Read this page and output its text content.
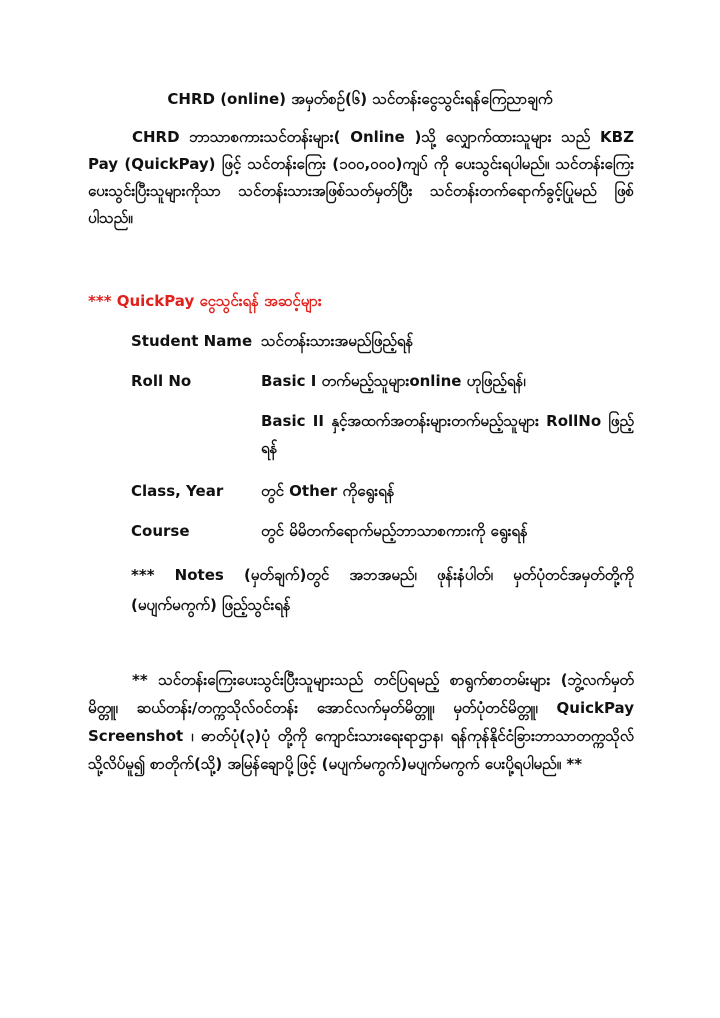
CHRD (online) အမှတ်စဉ်(၆) သင်တန်းငွေသွင်းရန်ကြေညာချက်
CHRD ဘာသာစကားသင်တန်းများ( Online )သို့ လျှောက်ထားသူများ သည် KBZ Pay (QuickPay) ဖြင့် သင်တန်းကြေး (၁၀၀,၀၀၀)ကျပ် ကို ပေးသွင်းရပါမည်။ သင်တန်းကြေးပေးသွင်းပြီးသူများကိုသာ သင်တန်းသားအဖြစ်သတ်မှတ်ပြီး သင်တန်းတက်ရောက်ခွင့်ပြုမည် ဖြစ်ပါသည်။
*** QuickPay ငွေသွင်းရန် အဆင့်များ
Student Name သင်တန်းသားအမည်ဖြည့်ရန်
Roll No	Basic I တက်မည့်သူများonline ဟုဖြည့်ရန်၊
Basic II နှင့်အထက်အတန်းများတက်မည့်သူများ RollNo ဖြည့်ရန်
Class, Year	တွင် Other ကိုရွေးရန်
Course	တွင် မိမိတက်ရောက်မည့်ဘာသာစကားကို ရွေးရန်
*** Notes (မှတ်ချက်)တွင် အဘအမည်၊ ဖုန်းနံပါတ်၊ မှတ်ပုံတင်အမှတ်တို့ကို (မပျက်မကွက်) ဖြည့်သွင်းရန်
** သင်တန်းကြေးပေးသွင်းပြီးသူများသည် တင်ပြရမည့် စာရွက်စာတမ်းများ (ဘွဲ့လက်မှတ်မိတ္တူ၊ ဆယ်တန်း/တက္ကသိုလ်ဝင်တန်း အောင်လက်မှတ်မိတ္တူ၊ မှတ်ပုံတင်မိတ္တူ၊ QuickPay Screenshot ၊ ဓာတ်ပုံ(၃)ပုံ တို့ကို ကျောင်းသားရေးရာဌာန၊ ရန်ကုန်နိုင်ငံခြားဘာသာတက္ကသိုလ်သို့လိပ်မူ၍ စာတိုက်(သို့) အမြန်ချောပို့ဖြင့် (မပျက်မကွက်)မပျက်မကွက် ပေးပို့ရပါမည်။ **
